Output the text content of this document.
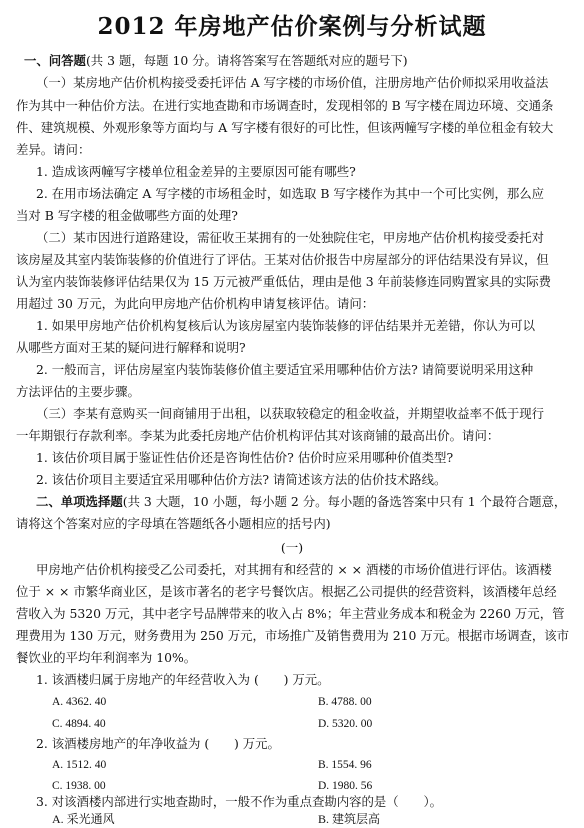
2012 年房地产估价案例与分析试题
一、问答题(共 3 题，每题 10 分。请将答案写在答题纸对应的题号下)
（一）某房地产估价机构接受委托评估 A 写字楼的市场价值，注册房地产估价师拟采用收益法
作为其中一种估价方法。在进行实地查勘和市场调查时，发现相邻的 B 写字楼在周边环境、交通条
件、建筑规模、外观形象等方面均与 A 写字楼有很好的可比性，但该两幢写字楼的单位租金有较大
差异。请问：
1. 造成该两幢写字楼单位租金差异的主要原因可能有哪些?
2. 在用市场法确定 A 写字楼的市场租金时，如选取 B 写字楼作为其中一个可比实例，那么应
当对 B 写字楼的租金做哪些方面的处理?
（二）某市因进行道路建设，需征收王某拥有的一处独院住宅，甲房地产估价机构接受委托对
该房屋及其室内装饰装修的价值进行了评估。王某对估价报告中房屋部分的评估结果没有异议，但
认为室内装饰装修评估结果仅为 15 万元被严重低估，理由是他 3 年前装修连同购置家具的实际费
用超过 30 万元，为此向甲房地产估价机构申请复核评估。请问：
1. 如果甲房地产估价机构复核后认为该房屋室内装饰装修的评估结果并无差错，你认为可以
从哪些方面对王某的疑问进行解释和说明?
2. 一般而言，评估房屋室内装饰装修价值主要适宜采用哪种估价方法? 请简要说明采用这种
方法评估的主要步骤。
（三）李某有意购买一间商铺用于出租，以获取较稳定的租金收益，并期望收益率不低于现行
一年期银行存款利率。李某为此委托房地产估价机构评估其对该商铺的最高出价。请问：
1. 该估价项目属于鉴证性估价还是咨询性估价? 估价时应采用哪种价值类型?
2. 该估价项目主要适宜采用哪种估价方法? 请简述该方法的估价技术路线。
二、单项选择题(共 3 大题，10 小题，每小题 2 分。每小题的备选答案中只有 1 个最符合题意，
请将这个答案对应的字母填在答题纸各小题相应的括号内)
(一)
甲房地产估价机构接受乙公司委托，对其拥有和经营的 × × 酒楼的市场价值进行评估。该酒楼
位于 × × 市繁华商业区，是该市著名的老字号餐饮店。根据乙公司提供的经营资料，该酒楼年总经
营收入为 5320 万元，其中老字号品牌带来的收入占 8%；年主营业务成本和税金为 2260 万元，管
理费用为 130 万元，财务费用为 250 万元，市场推广及销售费用为 210 万元。根据市场调查，该市
餐饮业的平均年利润率为 10%。
1. 该酒楼归属于房地产的年经营收入为 (　　) 万元。
A. 4362. 40	B. 4788. 00
C. 4894. 40	D. 5320. 00
2. 该酒楼房地产的年净收益为 (　　) 万元。
A. 1512. 40	B. 1554. 96
C. 1938. 00	D. 1980. 56
3. 对该酒楼内部进行实地查勘时，一般不作为重点查勘内容的是（　　）。
A. 采光通风	B. 建筑层高
